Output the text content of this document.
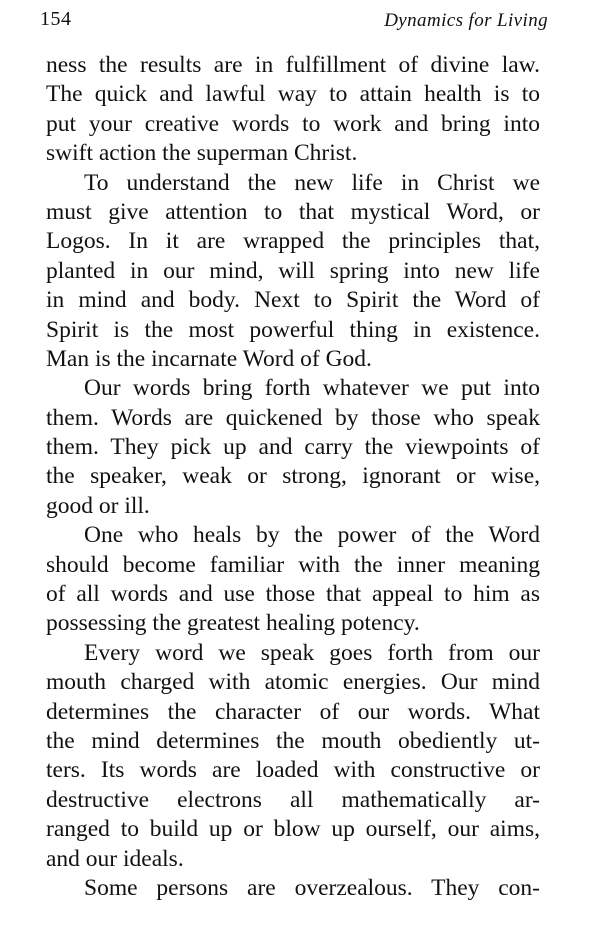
154	Dynamics for Living
ness the results are in fulfillment of divine law.
The quick and lawful way to attain health is to
put your creative words to work and bring into
swift action the superman Christ.
To understand the new life in Christ we
must give attention to that mystical Word, or
Logos. In it are wrapped the principles that,
planted in our mind, will spring into new life
in mind and body. Next to Spirit the Word of
Spirit is the most powerful thing in existence.
Man is the incarnate Word of God.
Our words bring forth whatever we put into
them. Words are quickened by those who speak
them. They pick up and carry the viewpoints of
the speaker, weak or strong, ignorant or wise,
good or ill.
One who heals by the power of the Word
should become familiar with the inner meaning
of all words and use those that appeal to him as
possessing the greatest healing potency.
Every word we speak goes forth from our
mouth charged with atomic energies. Our mind
determines the character of our words. What
the mind determines the mouth obediently ut-
ters. Its words are loaded with constructive or
destructive electrons all mathematically ar-
ranged to build up or blow up ourself, our aims,
and our ideals.
Some persons are overzealous. They con-
